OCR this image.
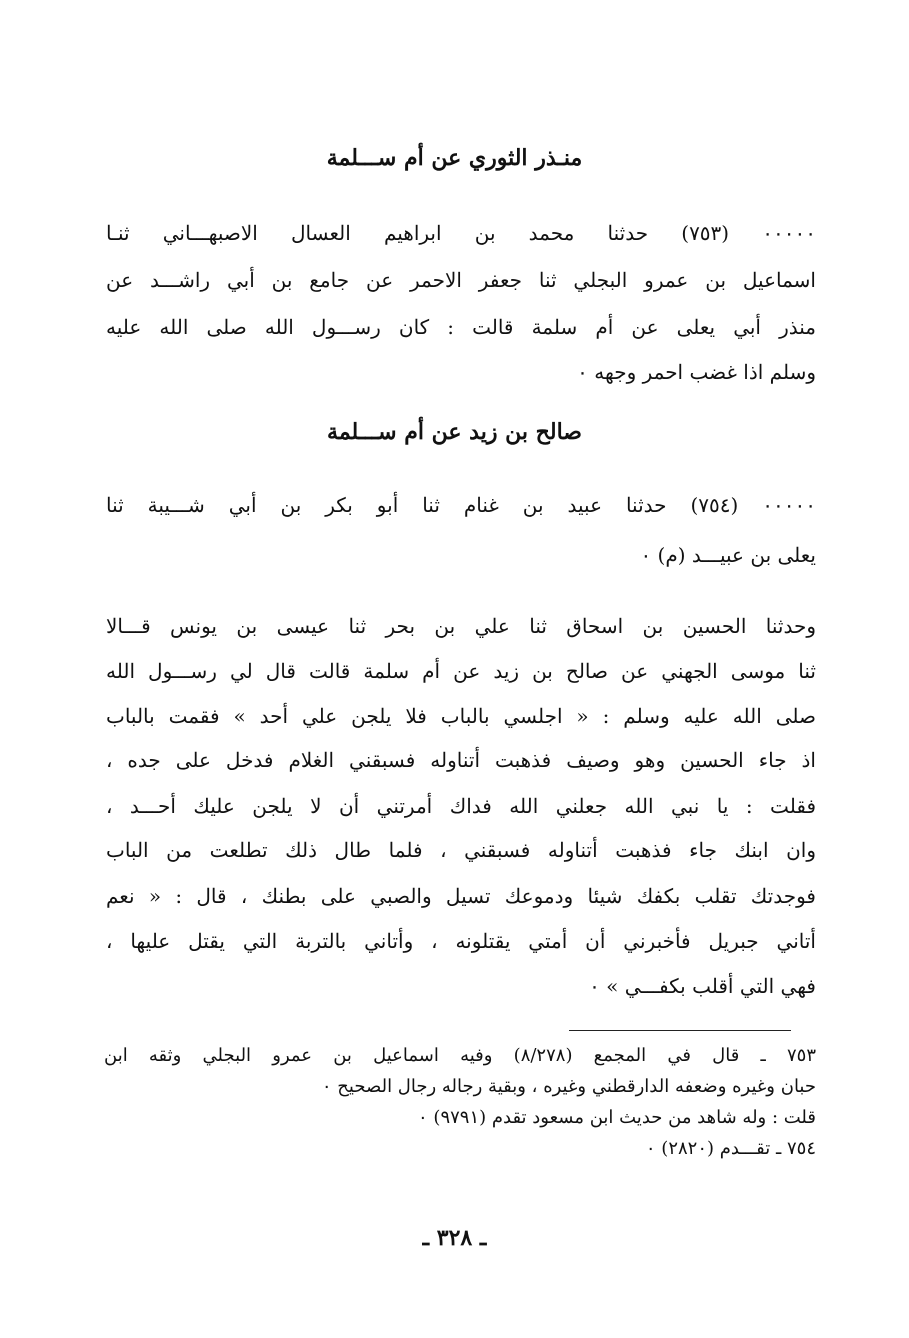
منـذر الثوري عن أم ســـلمة
٠٠٠٠٠ (٧٥٣) حدثنا محمد بن ابراهيم العسال الاصبهـــاني ثنـا
اسماعيل بن عمرو البجلي ثنا جعفر الاحمر عن جامع بن أبي راشـــد عن
منذر أبي يعلى عن أم سلمة قالت : كان رســـول الله صلى الله عليه
وسلم اذا غضب احمر وجهه ٠
صالح بن زيد عن أم ســـلمة
٠٠٠٠٠ (٧٥٤) حدثنا عبيد بن غنام ثنا أبو بكر بن أبي شـــيبة ثنا
يعلى بن عبيـــد (م) ٠
وحدثنا الحسين بن اسحاق ثنا علي بن بحر ثنا عيسى بن يونس قـــالا
ثنا موسى الجهني عن صالح بن زيد عن أم سلمة قالت قال لي رســـول الله
صلى الله عليه وسلم : « اجلسي بالباب فلا يلجن علي أحد » فقمت بالباب
اذ جاء الحسين وهو وصيف فذهبت أتناوله فسبقني الغلام فدخل على جده ،
فقلت : يا نبي الله جعلني الله فداك أمرتني أن لا يلجن عليك أحـــد ،
وان ابنك جاء فذهبت أتناوله فسبقني ، فلما طال ذلك تطلعت من الباب
فوجدتك تقلب بكفك شيئا ودموعك تسيل والصبي على بطنك ، قال : « نعم
أتاني جبريل فأخبرني أن أمتي يقتلونه ، وأتاني بالتربة التي يقتل عليها ،
فهي التي أقلب بكفـــي » ٠
٧٥٣ ـ قال في المجمع (٨/٢٧٨) وفيه اسماعيل بن عمرو البجلي وثقه ابن
حبان وغيره وضعفه الدارقطني وغيره ، وبقية رجاله رجال الصحيح ٠
قلت : وله شاهد من حديث ابن مسعود تقدم (٩٧٩١) ٠
٧٥٤ ـ تقـــدم (٢٨٢٠) ٠
ـ ٣٢٨ ـ
